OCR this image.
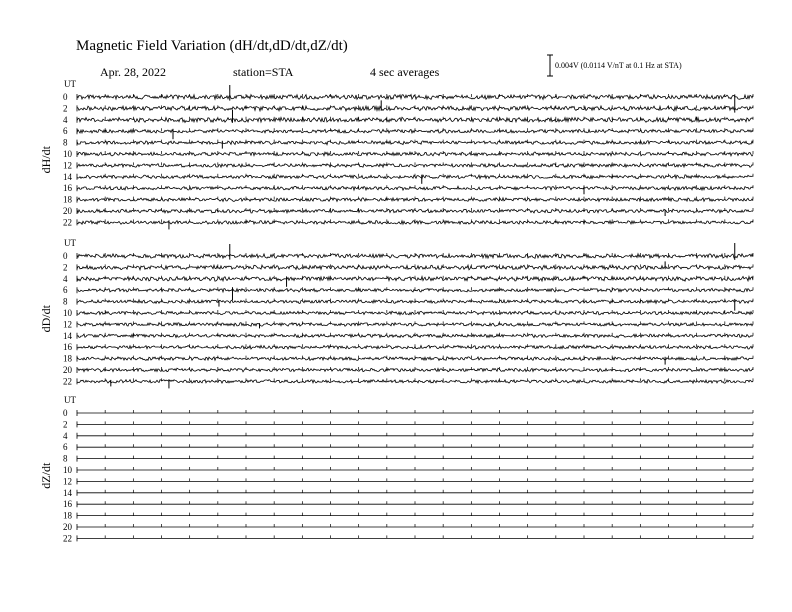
Magnetic Field Variation (dH/dt,dD/dt,dZ/dt)
Apr. 28, 2022	station=STA	4 sec averages	0.004V (0.0114 V/nT at 0.1 Hz at STA)
UT
dH/dt
0
2
4
6
8
10
12
14
16
18
20
22
UT
dD/dt
0
2
4
6
8
10
12
14
16
18
20
22
UT
dZ/dt
0
2
4
6
8
10
12
14
16
18
20
22
